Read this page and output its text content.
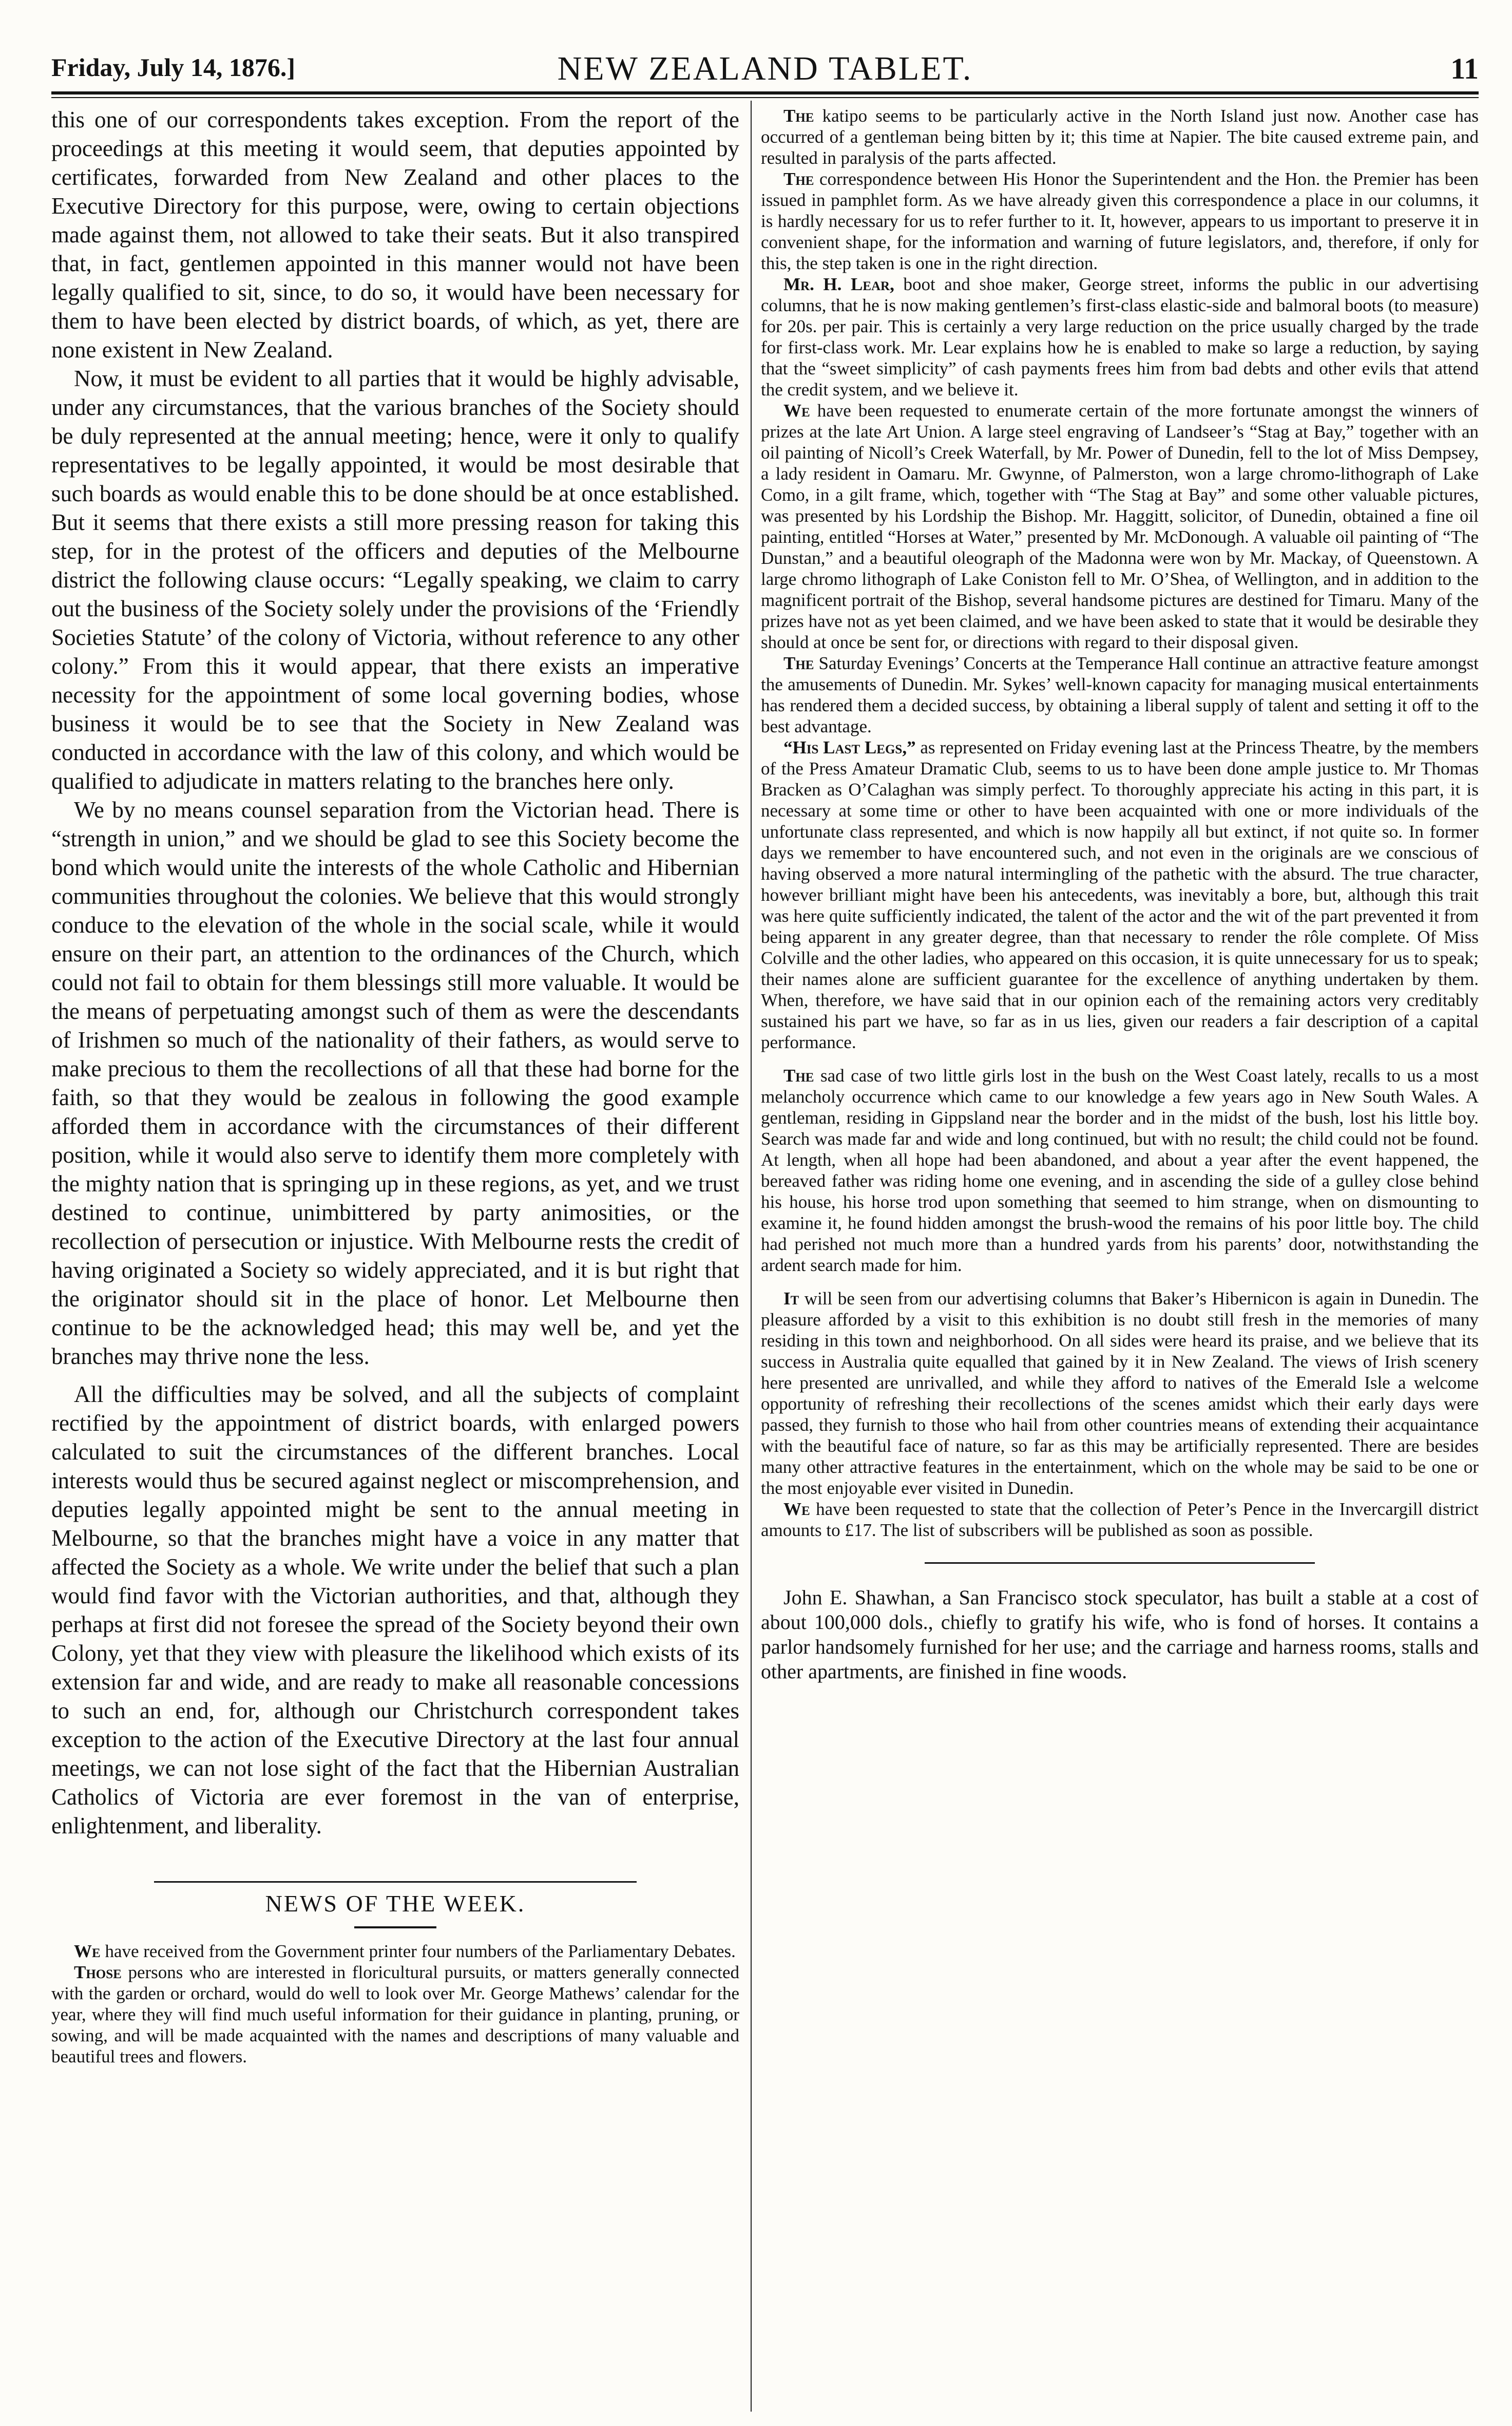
Friday, July 14, 1876.]	NEW ZEALAND TABLET.	11

this one of our correspondents takes exception. From the report of the proceedings at this meeting it would seem, that deputies appointed by certificates, forwarded from New Zealand and other places to the Executive Directory for this purpose, were, owing to certain objections made against them, not allowed to take their seats. But it also transpired that, in fact, gentlemen appointed in this manner would not have been legally qualified to sit, since, to do so, it would have been necessary for them to have been elected by district boards, of which, as yet, there are none existent in New Zealand.

Now, it must be evident to all parties that it would be highly advisable, under any circumstances, that the various branches of the Society should be duly represented at the annual meeting; hence, were it only to qualify representatives to be legally appointed, it would be most desirable that such boards as would enable this to be done should be at once established. But it seems that there exists a still more pressing reason for taking this step, for in the protest of the officers and deputies of the Melbourne district the following clause occurs: “Legally speaking, we claim to carry out the business of the Society solely under the provisions of the ‘Friendly Societies Statute’ of the colony of Victoria, without reference to any other colony.” From this it would appear, that there exists an imperative necessity for the appointment of some local governing bodies, whose business it would be to see that the Society in New Zealand was conducted in accordance with the law of this colony, and which would be qualified to adjudicate in matters relating to the branches here only.

We by no means counsel separation from the Victorian head. There is “strength in union,” and we should be glad to see this Society become the bond which would unite the interests of the whole Catholic and Hibernian communities throughout the colonies. We believe that this would strongly conduce to the elevation of the whole in the social scale, while it would ensure on their part, an attention to the ordinances of the Church, which could not fail to obtain for them blessings still more valuable. It would be the means of perpetuating amongst such of them as were the descendants of Irishmen so much of the nationality of their fathers, as would serve to make precious to them the recollections of all that these had borne for the faith, so that they would be zealous in following the good example afforded them in accordance with the circumstances of their different position, while it would also serve to identify them more completely with the mighty nation that is springing up in these regions, as yet, and we trust destined to continue, unimbittered by party animosities, or the recollection of persecution or injustice. With Melbourne rests the credit of having originated a Society so widely appreciated, and it is but right that the originator should sit in the place of honor. Let Melbourne then continue to be the acknowledged head; this may well be, and yet the branches may thrive none the less.

All the difficulties may be solved, and all the subjects of complaint rectified by the appointment of district boards, with enlarged powers calculated to suit the circumstances of the different branches. Local interests would thus be secured against neglect or miscomprehension, and deputies legally appointed might be sent to the annual meeting in Melbourne, so that the branches might have a voice in any matter that affected the Society as a whole. We write under the belief that such a plan would find favor with the Victorian authorities, and that, although they perhaps at first did not foresee the spread of the Society beyond their own Colony, yet that they view with pleasure the likelihood which exists of its extension far and wide, and are ready to make all reasonable concessions to such an end, for, although our Christchurch correspondent takes exception to the action of the Executive Directory at the last four annual meetings, we can not lose sight of the fact that the Hibernian Australian Catholics of Victoria are ever foremost in the van of enterprise, enlightenment, and liberality.

NEWS OF THE WEEK.

We have received from the Government printer four numbers of the Parliamentary Debates.

Those persons who are interested in floricultural pursuits, or matters generally connected with the garden or orchard, would do well to look over Mr. George Mathews’ calendar for the year, where they will find much useful information for their guidance in planting, pruning, or sowing, and will be made acquainted with the names and descriptions of many valuable and beautiful trees and flowers.

The katipo seems to be particularly active in the North Island just now. Another case has occurred of a gentleman being bitten by it; this time at Napier. The bite caused extreme pain, and resulted in paralysis of the parts affected.

The correspondence between His Honor the Superintendent and the Hon. the Premier has been issued in pamphlet form. As we have already given this correspondence a place in our columns, it is hardly necessary for us to refer further to it. It, however, appears to us important to preserve it in convenient shape, for the information and warning of future legislators, and, therefore, if only for this, the step taken is one in the right direction.

Mr. H. Lear, boot and shoe maker, George street, informs the public in our advertising columns, that he is now making gentlemen’s first-class elastic-side and balmoral boots (to measure) for 20s. per pair. This is certainly a very large reduction on the price usually charged by the trade for first-class work. Mr. Lear explains how he is enabled to make so large a reduction, by saying that the “sweet simplicity” of cash payments frees him from bad debts and other evils that attend the credit system, and we believe it.

We have been requested to enumerate certain of the more fortunate amongst the winners of prizes at the late Art Union. A large steel engraving of Landseer’s “Stag at Bay,” together with an oil painting of Nicoll’s Creek Waterfall, by Mr. Power of Dunedin, fell to the lot of Miss Dempsey, a lady resident in Oamaru. Mr. Gwynne, of Palmerston, won a large chromo-lithograph of Lake Como, in a gilt frame, which, together with “The Stag at Bay” and some other valuable pictures, was presented by his Lordship the Bishop. Mr. Haggitt, solicitor, of Dunedin, obtained a fine oil painting, entitled “Horses at Water,” presented by Mr. McDonough. A valuable oil painting of “The Dunstan,” and a beautiful oleograph of the Madonna were won by Mr. Mackay, of Queenstown. A large chromo lithograph of Lake Coniston fell to Mr. O’Shea, of Wellington, and in addition to the magnificent portrait of the Bishop, several handsome pictures are destined for Timaru. Many of the prizes have not as yet been claimed, and we have been asked to state that it would be desirable they should at once be sent for, or directions with regard to their disposal given.

The Saturday Evenings’ Concerts at the Temperance Hall continue an attractive feature amongst the amusements of Dunedin. Mr. Sykes’ well-known capacity for managing musical entertainments has rendered them a decided success, by obtaining a liberal supply of talent and setting it off to the best advantage.

“His Last Legs,” as represented on Friday evening last at the Princess Theatre, by the members of the Press Amateur Dramatic Club, seems to us to have been done ample justice to. Mr Thomas Bracken as O’Calaghan was simply perfect. To thoroughly appreciate his acting in this part, it is necessary at some time or other to have been acquainted with one or more individuals of the unfortunate class represented, and which is now happily all but extinct, if not quite so. In former days we remember to have encountered such, and not even in the originals are we conscious of having observed a more natural intermingling of the pathetic with the absurd. The true character, however brilliant might have been his antecedents, was inevitably a bore, but, although this trait was here quite sufficiently indicated, the talent of the actor and the wit of the part prevented it from being apparent in any greater degree, than that necessary to render the rôle complete. Of Miss Colville and the other ladies, who appeared on this occasion, it is quite unnecessary for us to speak; their names alone are sufficient guarantee for the excellence of anything undertaken by them. When, therefore, we have said that in our opinion each of the remaining actors very creditably sustained his part we have, so far as in us lies, given our readers a fair description of a capital performance.

The sad case of two little girls lost in the bush on the West Coast lately, recalls to us a most melancholy occurrence which came to our knowledge a few years ago in New South Wales. A gentleman, residing in Gippsland near the border and in the midst of the bush, lost his little boy. Search was made far and wide and long continued, but with no result; the child could not be found. At length, when all hope had been abandoned, and about a year after the event happened, the bereaved father was riding home one evening, and in ascending the side of a gulley close behind his house, his horse trod upon something that seemed to him strange, when on dismounting to examine it, he found hidden amongst the brush-wood the remains of his poor little boy. The child had perished not much more than a hundred yards from his parents’ door, notwithstanding the ardent search made for him.

It will be seen from our advertising columns that Baker’s Hibernicon is again in Dunedin. The pleasure afforded by a visit to this exhibition is no doubt still fresh in the memories of many residing in this town and neighborhood. On all sides were heard its praise, and we believe that its success in Australia quite equalled that gained by it in New Zealand. The views of Irish scenery here presented are unrivalled, and while they afford to natives of the Emerald Isle a welcome opportunity of refreshing their recollections of the scenes amidst which their early days were passed, they furnish to those who hail from other countries means of extending their acquaintance with the beautiful face of nature, so far as this may be artificially represented. There are besides many other attractive features in the entertainment, which on the whole may be said to be one or the most enjoyable ever visited in Dunedin.

We have been requested to state that the collection of Peter’s Pence in the Invercargill district amounts to £17. The list of subscribers will be published as soon as possible.

John E. Shawhan, a San Francisco stock speculator, has built a stable at a cost of about 100,000 dols., chiefly to gratify his wife, who is fond of horses. It contains a parlor handsomely furnished for her use; and the carriage and harness rooms, stalls and other apartments, are finished in fine woods.
